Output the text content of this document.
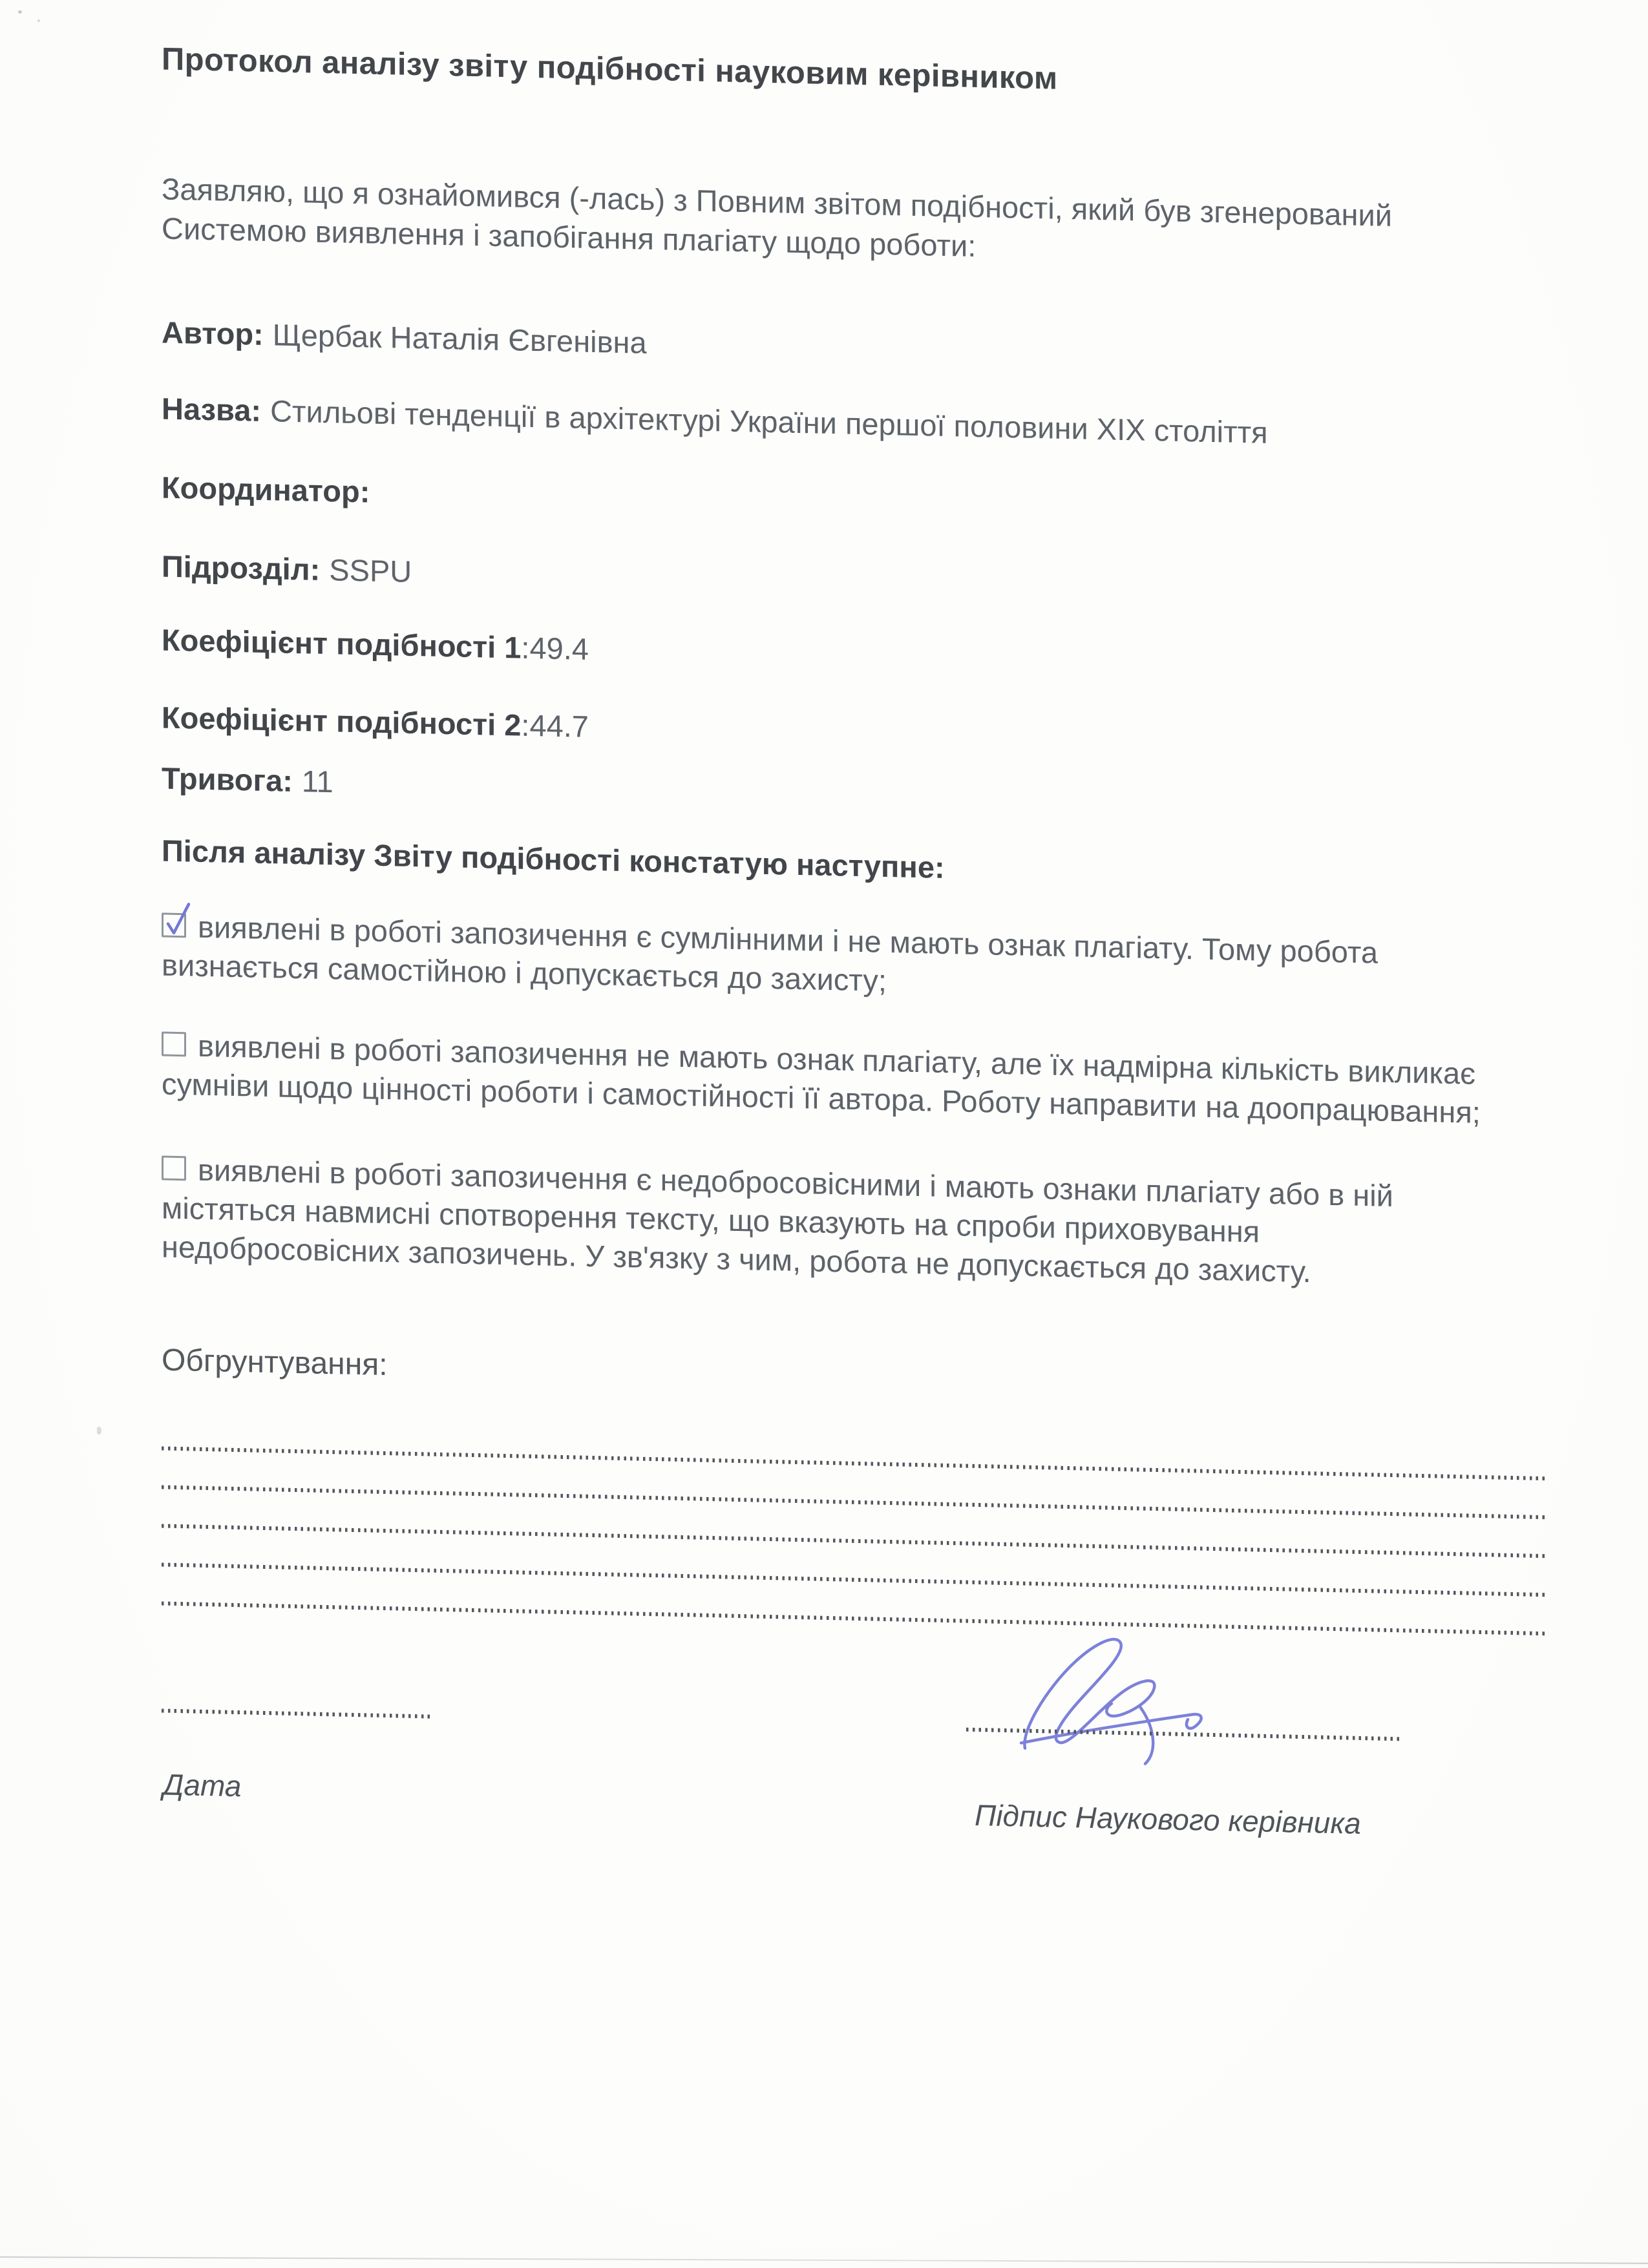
Протокол аналізу звіту подібності науковим керівником

Заявляю, що я ознайомився (-лась) з Повним звітом подібності, який був згенерований Системою виявлення і запобігання плагіату щодо роботи:

Автор: Щербак Наталія Євгенівна

Назва: Стильові тенденції в архітектурі України першої половини XIX століття

Координатор:

Підрозділ: SSPU

Коефіцієнт подібності 1:49.4

Коефіцієнт подібності 2:44.7

Тривога: 11

Після аналізу Звіту подібності констатую наступне:

виявлені в роботі запозичення є сумлінними і не мають ознак плагіату. Тому робота визнається самостійною і допускається до захисту;

виявлені в роботі запозичення не мають ознак плагіату, але їх надмірна кількість викликає сумніви щодо цінності роботи і самостійності її автора. Роботу направити на доопрацювання;

виявлені в роботі запозичення є недобросовісними і мають ознаки плагіату або в ній містяться навмисні спотворення тексту, що вказують на спроби приховування недобросовісних запозичень. У зв'язку з чим, робота не допускається до захисту.

Обгрунтування:

Дата
Підпис Наукового керівника
